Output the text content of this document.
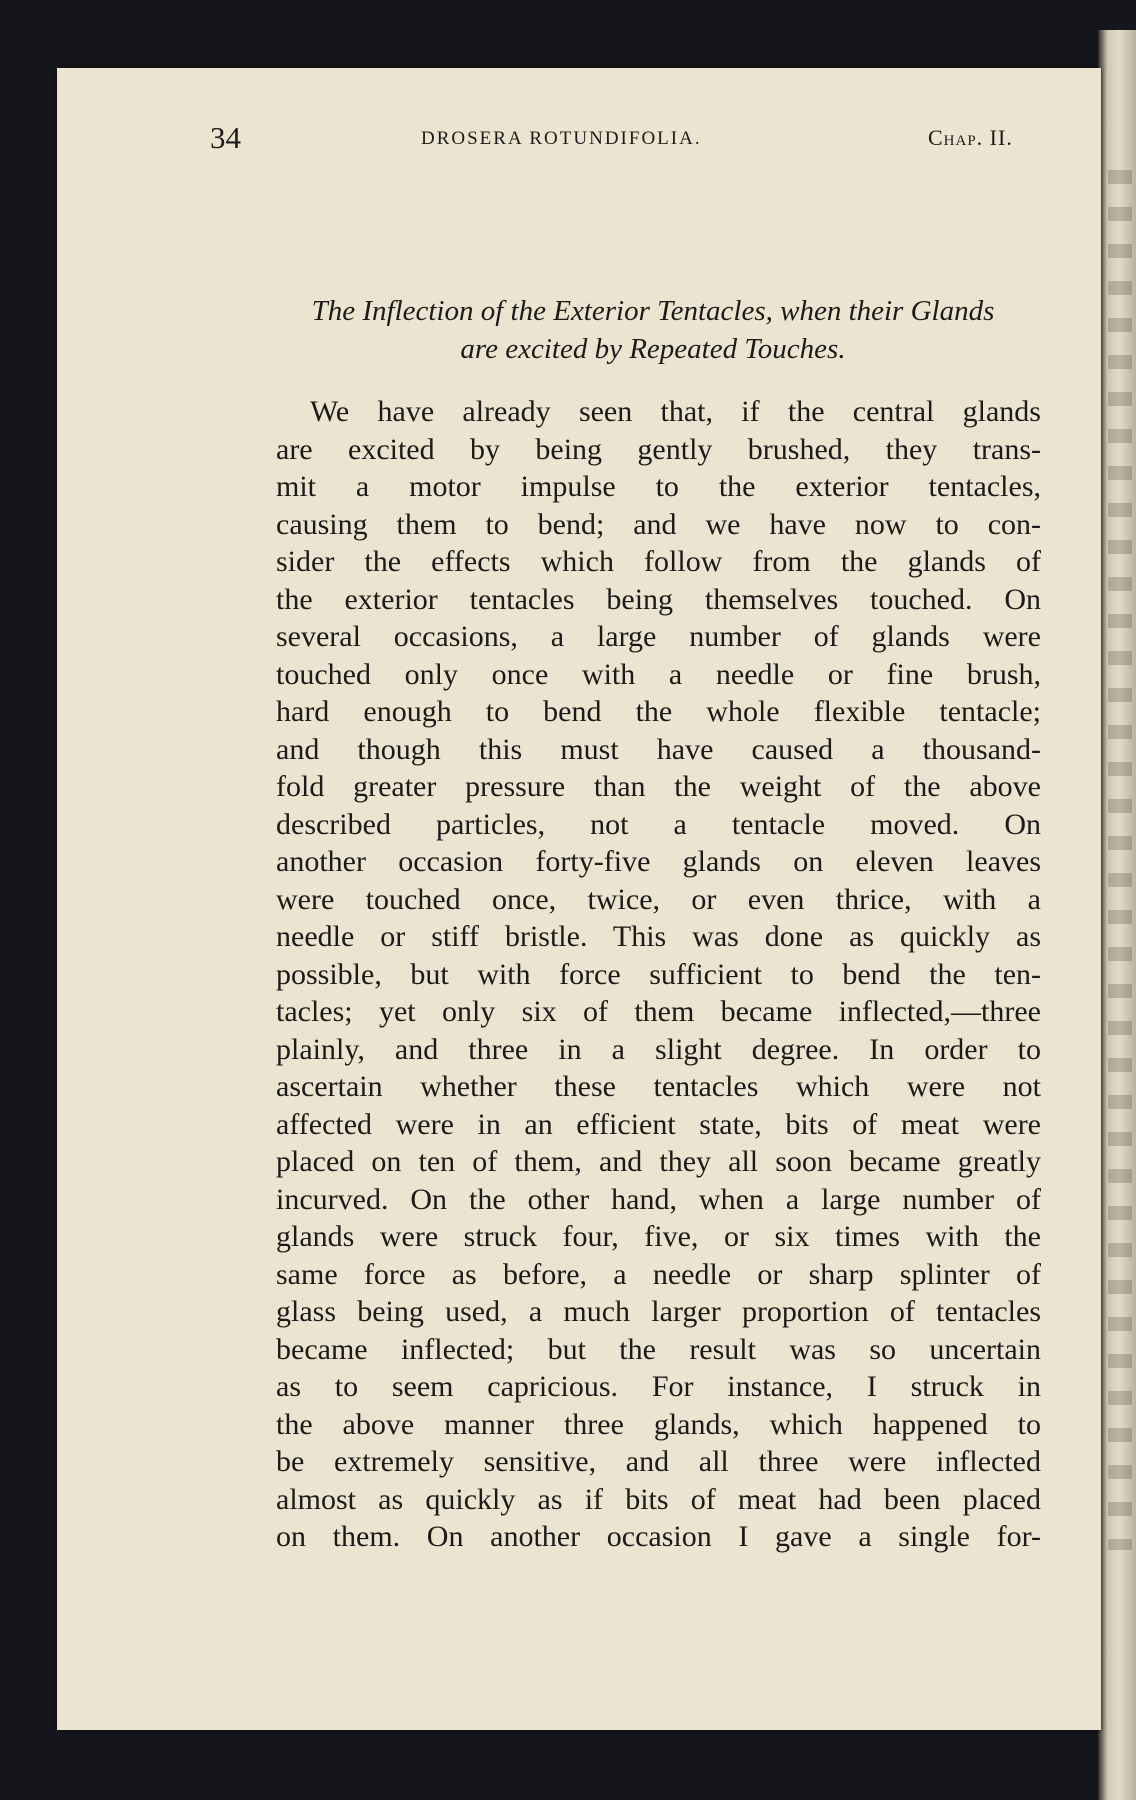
34	DROSERA ROTUNDIFOLIA.	Chap. II.
The Inflection of the Exterior Tentacles, when their Glands
are excited by Repeated Touches.
We have already seen that, if the central glands
are excited by being gently brushed, they trans-
mit a motor impulse to the exterior tentacles,
causing them to bend; and we have now to con-
sider the effects which follow from the glands of
the exterior tentacles being themselves touched. On
several occasions, a large number of glands were
touched only once with a needle or fine brush,
hard enough to bend the whole flexible tentacle;
and though this must have caused a thousand-
fold greater pressure than the weight of the above
described particles, not a tentacle moved. On
another occasion forty-five glands on eleven leaves
were touched once, twice, or even thrice, with a
needle or stiff bristle. This was done as quickly as
possible, but with force sufficient to bend the ten-
tacles; yet only six of them became inflected,—three
plainly, and three in a slight degree. In order to
ascertain whether these tentacles which were not
affected were in an efficient state, bits of meat were
placed on ten of them, and they all soon became greatly
incurved. On the other hand, when a large number of
glands were struck four, five, or six times with the
same force as before, a needle or sharp splinter of
glass being used, a much larger proportion of tentacles
became inflected; but the result was so uncertain
as to seem capricious. For instance, I struck in
the above manner three glands, which happened to
be extremely sensitive, and all three were inflected
almost as quickly as if bits of meat had been placed
on them. On another occasion I gave a single for-
